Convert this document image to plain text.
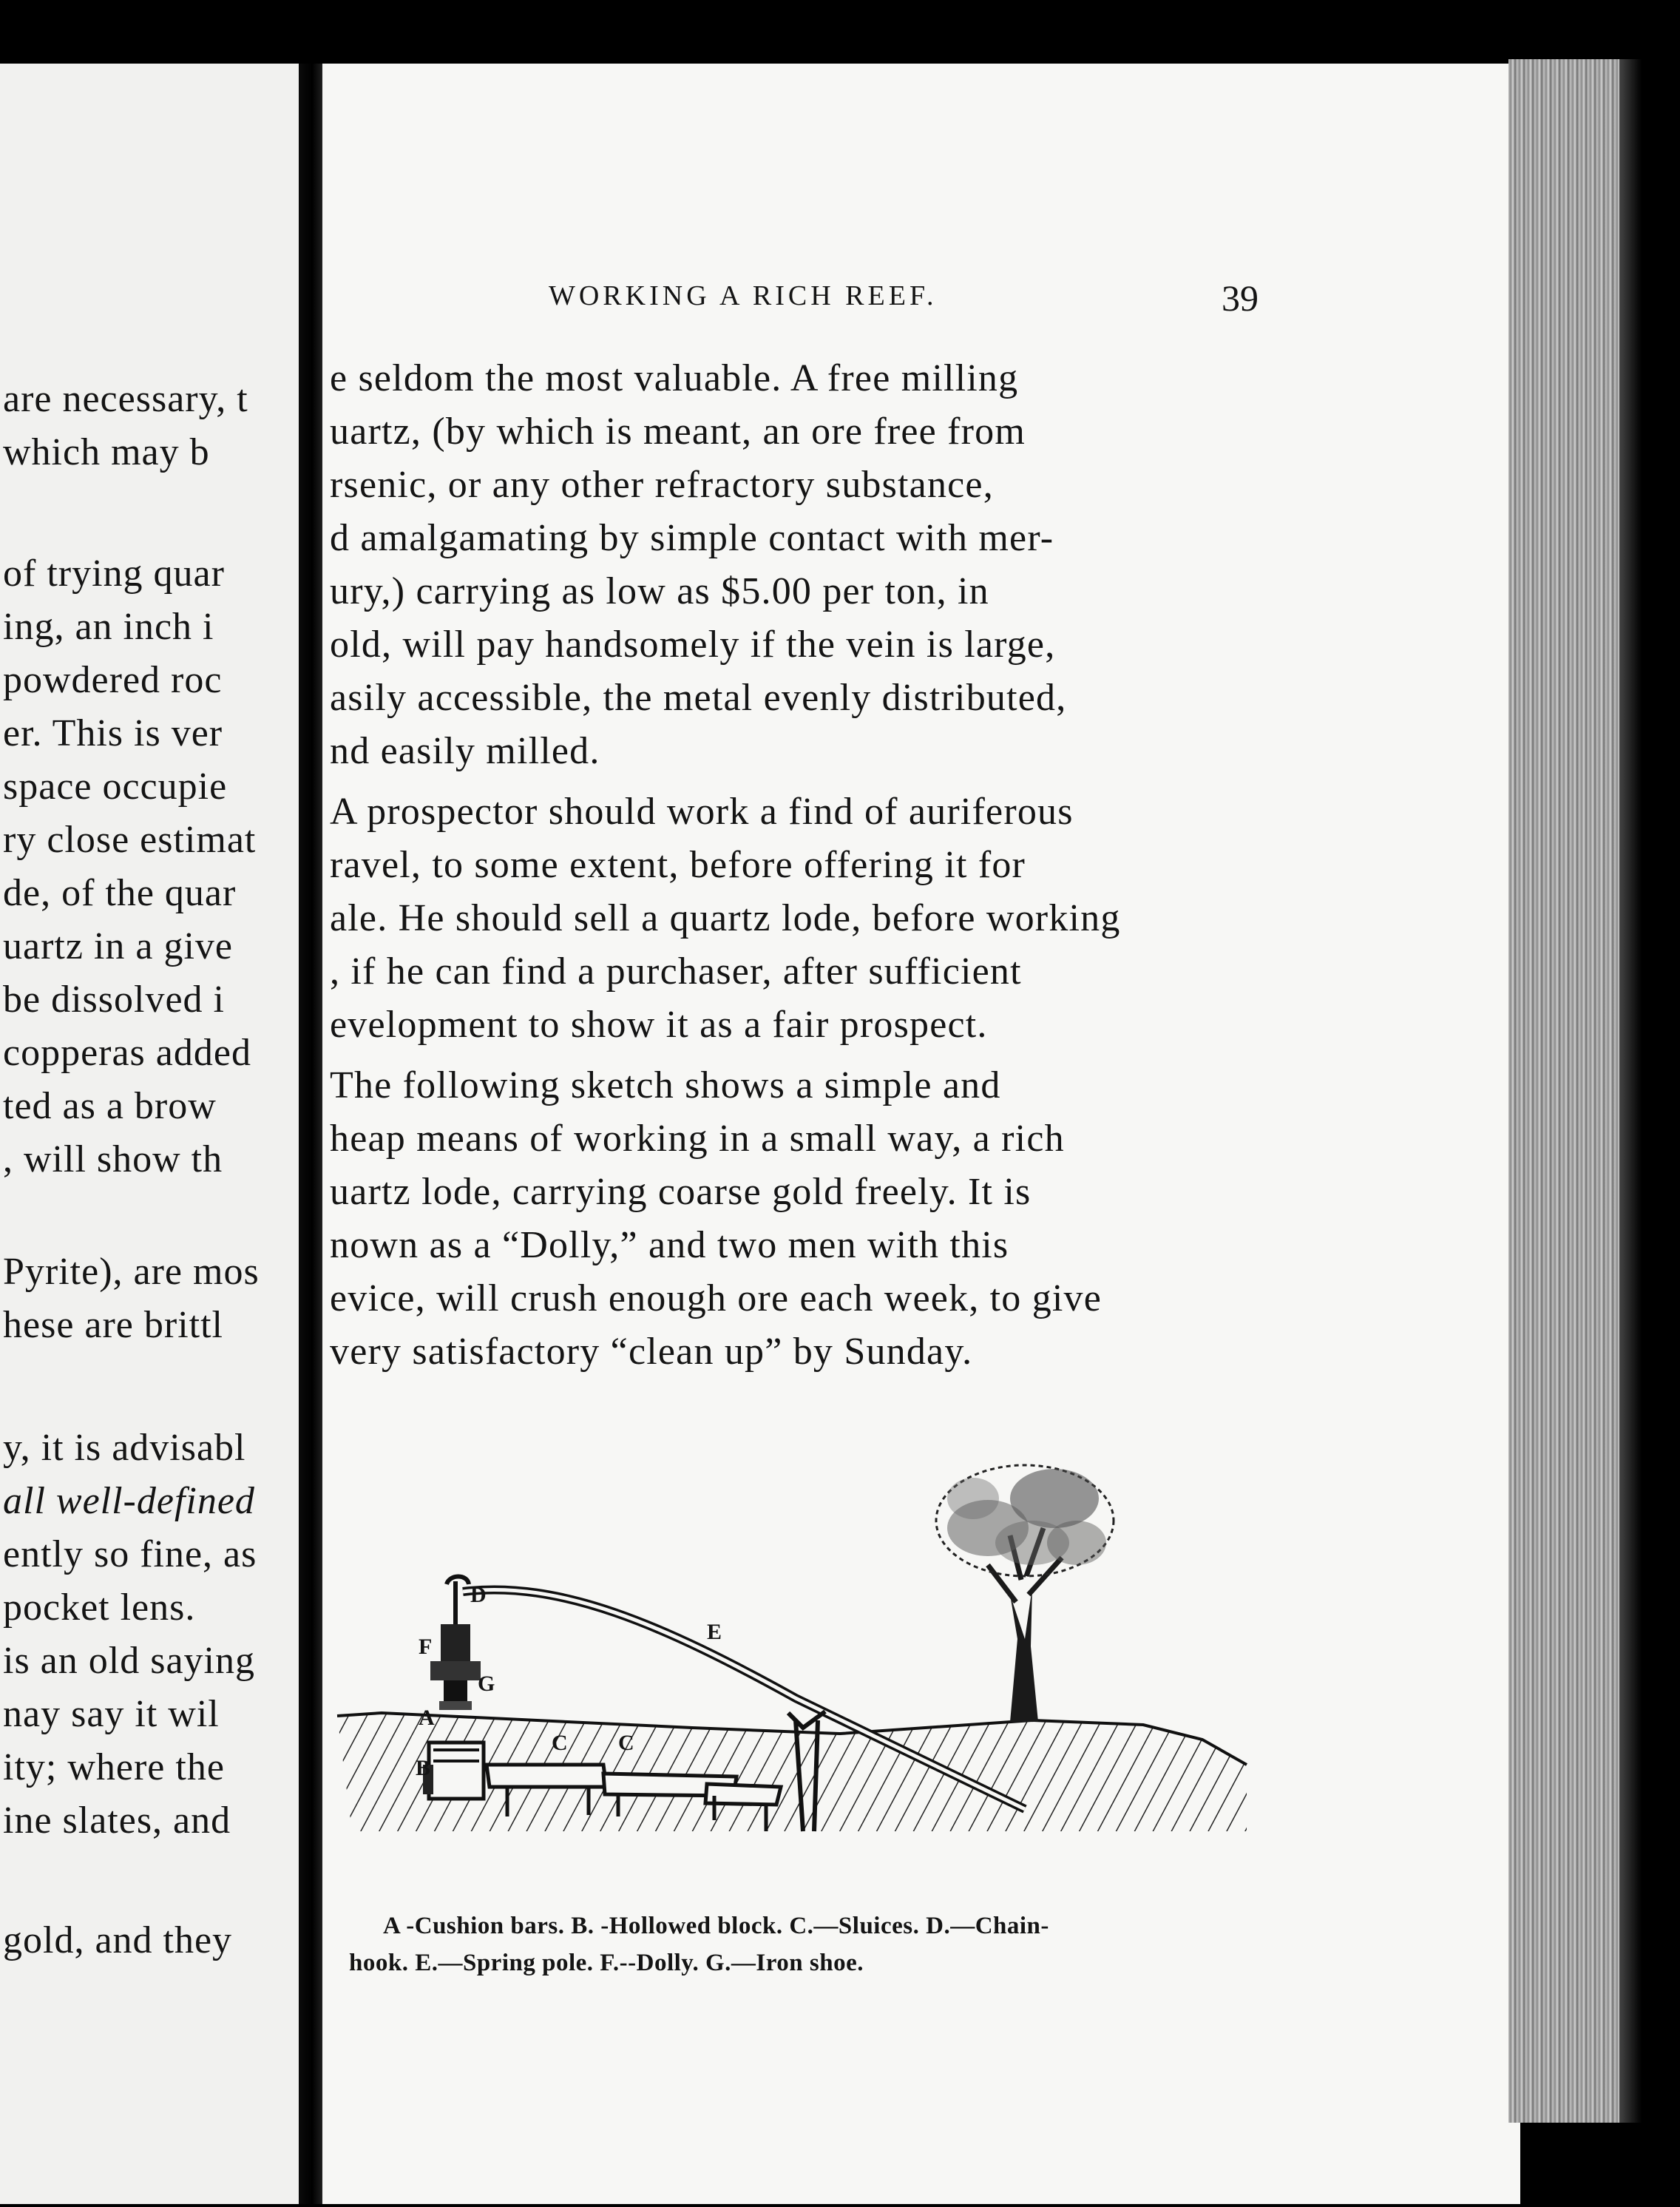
are necessary, t
which may b
of trying quar
ing, an inch i
powdered roc
er. This is ver
space occupie
ry close estimat
de, of the quar
uartz in a give
be dissolved i
copperas added
ted as a brow
, will show th
Pyrite), are mos
hese are brittl
y, it is advisabl
all well-defined
ently so fine, as
pocket lens.
is an old saying
nay say it wil
ity; where the
ine slates, and
gold, and they
WORKING A RICH REEF.	39
e seldom the most valuable. A free milling
uartz, (by which is meant, an ore free from
rsenic, or any other refractory substance,
d amalgamating by simple contact with mer-
ury,) carrying as low as $5.00 per ton, in
old, will pay handsomely if the vein is large,
asily accessible, the metal evenly distributed,
nd easily milled.
A prospector should work a find of auriferous
ravel, to some extent, before offering it for
ale. He should sell a quartz lode, before working
, if he can find a purchaser, after sufficient
evelopment to show it as a fair prospect.
The following sketch shows a simple and
heap means of working in a small way, a rich
uartz lode, carrying coarse gold freely. It is
nown as a “Dolly,” and two men with this
evice, will crush enough ore each week, to give
very satisfactory “clean up” by Sunday.
A
B
C C
D
E
F
G
A -Cushion bars. B. -Hollowed block. C.—Sluices. D.—Chain-
hook. E.—Spring pole. F.--Dolly. G.—Iron shoe.
